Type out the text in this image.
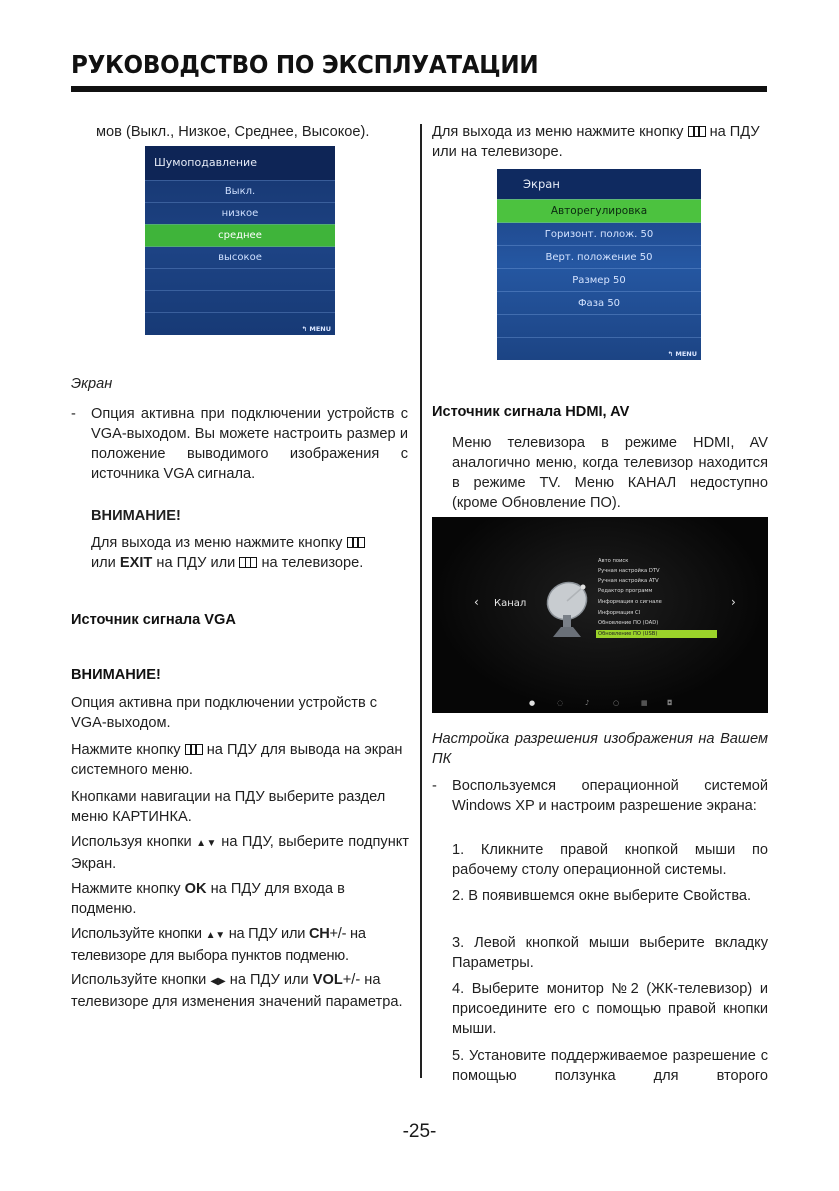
РУКОВОДСТВО ПО ЭКСПЛУАТАЦИИ
мов (Выкл., Низкое, Среднее, Высокое).
Шумоподавление
Выкл.
низкое
среднее
высокое
↰ MENU
Экран
- Опция активна при подключении устройств с VGA-выходом. Вы можете настроить размер и положение выводимого изображения с источника VGA сигнала.
ВНИМАНИЕ!
Для выхода из меню нажмите кнопку
или EXIT на ПДУ или на телевизоре.
Источник сигнала VGA
ВНИМАНИЕ!
Опция активна при подключении устройств с VGA-выходом.
Нажмите кнопку на ПДУ для вывода на экран системного меню.
Кнопками навигации на ПДУ выберите раздел меню КАРТИНКА.
Используя кнопки ▲▼ на ПДУ, выберите подпункт Экран.
Нажмите кнопку OK на ПДУ для входа в подменю.
Используйте кнопки ▲▼ на ПДУ или CH+/- на телевизоре для выбора пунктов подменю.
Используйте кнопки ◀▶ на ПДУ или VOL+/- на телевизоре для изменения значений параметра.
Для выхода из меню нажмите кнопку на ПДУ или на телевизоре.
Экран
Авторегулировка
Горизонт. полож. 50
Верт. положение 50
Размер 50
Фаза 50
↰ MENU
Источник сигнала HDMI, AV
Меню телевизора в режиме HDMI, AV аналогично меню, когда телевизор находится в режиме TV. Меню КАНАЛ недоступно (кроме Обновление ПО).
‹ Канал	›
Авто поиск
Ручная настройка DTV
Ручная настройка ATV
Редактор программ
Информация о сигнале
Информация CI
Обновление ПО (OAD)
Обновление ПО (USB)
●	◌	♪	○	▦	◘
Настройка разрешения изображения на Вашем ПК
- Воспользуемся операционной системой Windows XP и настроим разрешение экрана:
1. Кликните правой кнопкой мыши по рабочему столу операционной системы.
2. В появившемся окне выберите Свойства.
3. Левой кнопкой мыши выберите вкладку Параметры.
4. Выберите монитор №2 (ЖК-телевизор) и присоедините его с помощью правой кнопки мыши.
5. Установите поддерживаемое разрешение с помощью ползунка для второго
-25-
